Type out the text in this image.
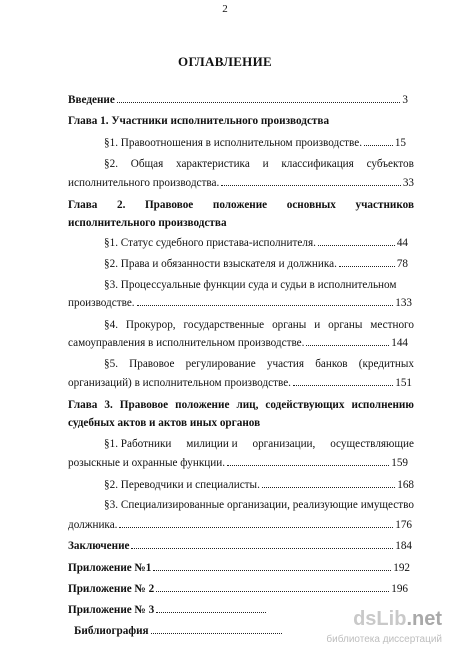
2
ОГЛАВЛЕНИЕ
Введение	3
Глава 1. Участники исполнительного производства
§1. Правоотношения в исполнительном производстве.	15
§2. Общая характеристика и классификация субъектов
исполнительного производства.	33
Глава 2. Правовое положение основных участников
исполнительного производства
§1. Статус судебного пристава-исполнителя.	44
§2. Права и обязанности взыскателя и должника.	78
§3. Процессуальные функции суда и судьи в исполнительном
производстве.	133
§4. Прокурор, государственные органы и органы местного
самоуправления в исполнительном производстве.	144
§5. Правовое регулирование участия банков (кредитных
организаций) в исполнительном производстве.	151
Глава 3. Правовое положение лиц, содействующих исполнению
судебных актов и актов иных органов
§1. Работники милиции и организации, осуществляющие
розыскные и охранные функции.	159
§2. Переводчики и специалисты.	168
§3. Специализированные организации, реализующие имущество
должника.	176
Заключение	184
Приложение №1	192
Приложение № 2	196
Приложение № 3
Библиография
dsLib.net
библиотека диссертаций
